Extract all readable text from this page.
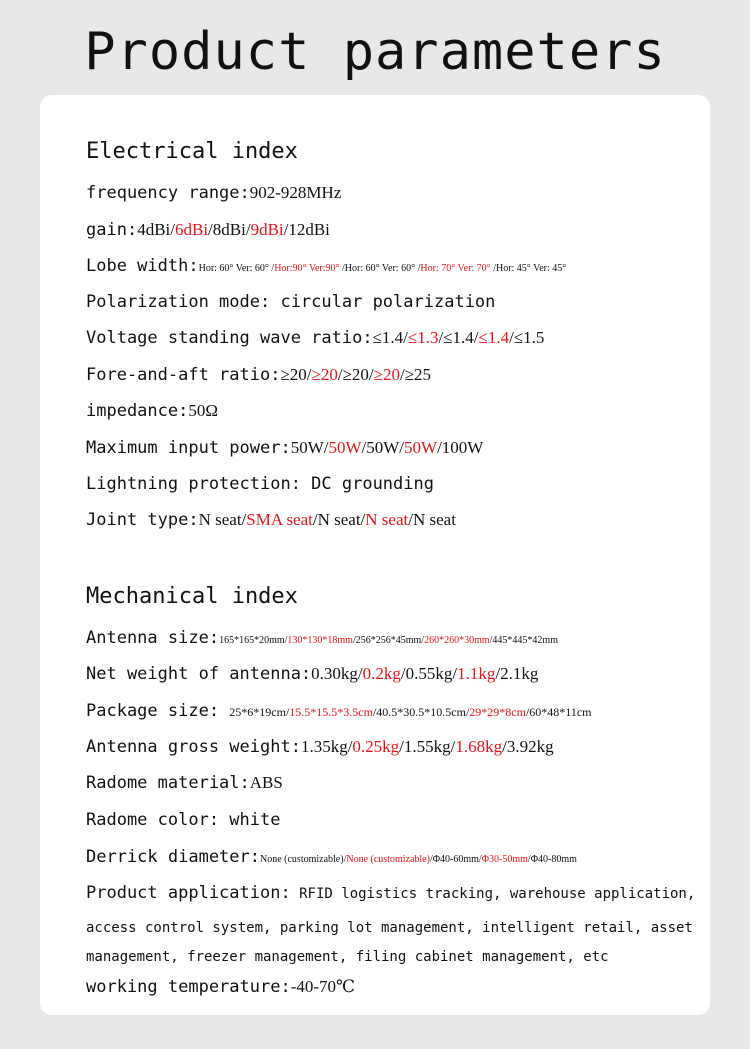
Product parameters
Electrical index
frequency range:902-928MHz
gain:4dBi/6dBi/8dBi/9dBi/12dBi
Lobe width:Hor: 60° Ver: 60° /Hor:90° Ver:90° /Hor: 60° Ver: 60° /Hor: 70° Ver: 70° /Hor: 45° Ver: 45°
Polarization mode: circular polarization
Voltage standing wave ratio:≤1.4/≤1.3/≤1.4/≤1.4/≤1.5
Fore-and-aft ratio:≥20/≥20/≥20/≥20/≥25
impedance:50Ω
Maximum input power:50W/50W/50W/50W/100W
Lightning protection: DC grounding
Joint type:N seat/SMA seat/N seat/N seat/N seat
Mechanical index
Antenna size:165*165*20mm/130*130*18mm/256*256*45mm/260*260*30mm/445*445*42mm
Net weight of antenna:0.30kg/0.2kg/0.55kg/1.1kg/2.1kg
Package size: 25*6*19cm/15.5*15.5*3.5cm/40.5*30.5*10.5cm/29*29*8cm/60*48*11cm
Antenna gross weight:1.35kg/0.25kg/1.55kg/1.68kg/3.92kg
Radome material:ABS
Radome color: white
Derrick diameter:None (customizable)/None (customizable)/Φ40-60mm/Φ30-50mm/Φ40-80mm
Product application: RFID logistics tracking, warehouse application,
access control system, parking lot management, intelligent retail, asset
management, freezer management, filing cabinet management, etc
working temperature:-40-70℃
